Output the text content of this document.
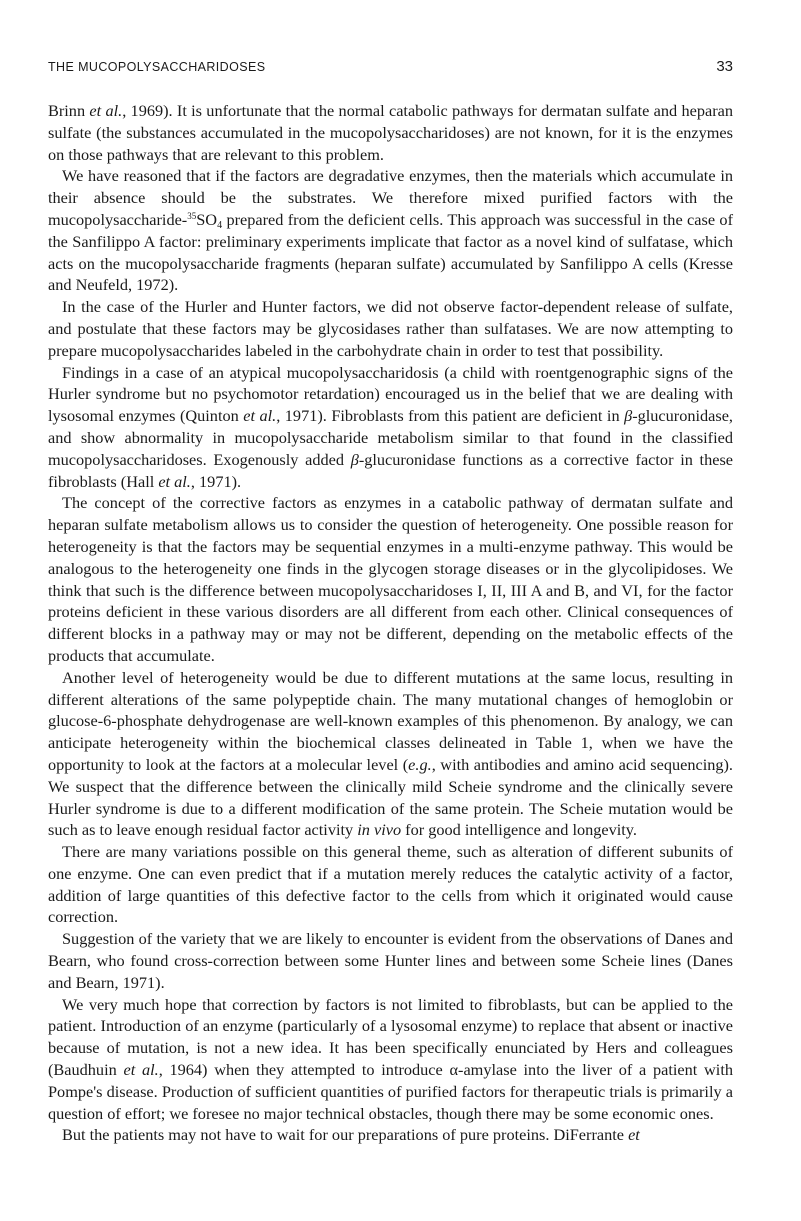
THE MUCOPOLYSACCHARIDOSES	33

Brinn et al., 1969). It is unfortunate that the normal catabolic pathways for dermatan sulfate and heparan sulfate (the substances accumulated in the mucopolysaccharidoses) are not known, for it is the enzymes on those pathways that are relevant to this problem.

We have reasoned that if the factors are degradative enzymes, then the materials which accumulate in their absence should be the substrates. We therefore mixed purified factors with the mucopolysaccharide-$^{35}SO_4$ prepared from the deficient cells. This approach was successful in the case of the Sanfilippo A factor: preliminary experiments implicate that factor as a novel kind of sulfatase, which acts on the mucopolysaccharide fragments (heparan sulfate) accumulated by Sanfilippo A cells (Kresse and Neufeld, 1972).

In the case of the Hurler and Hunter factors, we did not observe factor-dependent release of sulfate, and postulate that these factors may be glycosidases rather than sulfatases. We are now attempting to prepare mucopolysaccharides labeled in the carbohydrate chain in order to test that possibility.

Findings in a case of an atypical mucopolysaccharidosis (a child with roentgenographic signs of the Hurler syndrome but no psychomotor retardation) encouraged us in the belief that we are dealing with lysosomal enzymes (Quinton et al., 1971). Fibroblasts from this patient are deficient in β-glucuronidase, and show abnormality in mucopolysaccharide metabolism similar to that found in the classified mucopolysaccharidoses. Exogenously added β-glucuronidase functions as a corrective factor in these fibroblasts (Hall et al., 1971).

The concept of the corrective factors as enzymes in a catabolic pathway of dermatan sulfate and heparan sulfate metabolism allows us to consider the question of heterogeneity. One possible reason for heterogeneity is that the factors may be sequential enzymes in a multi-enzyme pathway. This would be analogous to the heterogeneity one finds in the glycogen storage diseases or in the glycolipidoses. We think that such is the difference between mucopolysaccharidoses I, II, III A and B, and VI, for the factor proteins deficient in these various disorders are all different from each other. Clinical consequences of different blocks in a pathway may or may not be different, depending on the metabolic effects of the products that accumulate.

Another level of heterogeneity would be due to different mutations at the same locus, resulting in different alterations of the same polypeptide chain. The many mutational changes of hemoglobin or glucose-6-phosphate dehydrogenase are well-known examples of this phenomenon. By analogy, we can anticipate heterogeneity within the biochemical classes delineated in Table 1, when we have the opportunity to look at the factors at a molecular level (e.g., with antibodies and amino acid sequencing). We suspect that the difference between the clinically mild Scheie syndrome and the clinically severe Hurler syndrome is due to a different modification of the same protein. The Scheie mutation would be such as to leave enough residual factor activity in vivo for good intelligence and longevity.

There are many variations possible on this general theme, such as alteration of different subunits of one enzyme. One can even predict that if a mutation merely reduces the catalytic activity of a factor, addition of large quantities of this defective factor to the cells from which it originated would cause correction.

Suggestion of the variety that we are likely to encounter is evident from the observations of Danes and Bearn, who found cross-correction between some Hunter lines and between some Scheie lines (Danes and Bearn, 1971).

We very much hope that correction by factors is not limited to fibroblasts, but can be applied to the patient. Introduction of an enzyme (particularly of a lysosomal enzyme) to replace that absent or inactive because of mutation, is not a new idea. It has been specifically enunciated by Hers and colleagues (Baudhuin et al., 1964) when they attempted to introduce α-amylase into the liver of a patient with Pompe's disease. Production of sufficient quantities of purified factors for therapeutic trials is primarily a question of effort; we foresee no major technical obstacles, though there may be some economic ones.

But the patients may not have to wait for our preparations of pure proteins. DiFerrante et
